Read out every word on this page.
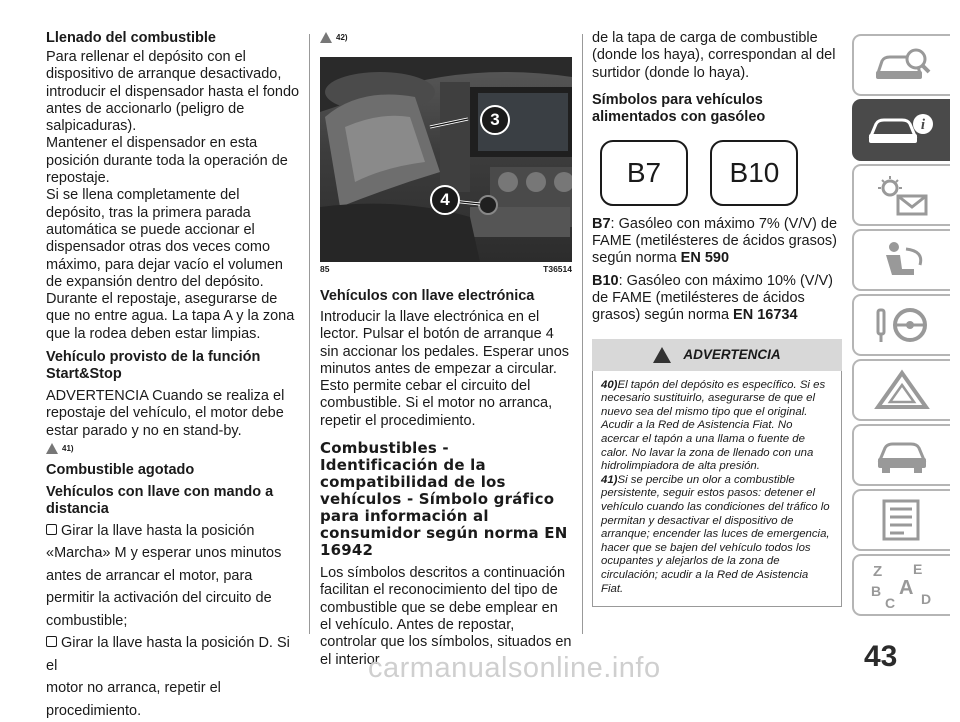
Llenado del combustible

Para rellenar el depósito con el dispositivo de arranque desactivado, introducir el dispensador hasta el fondo antes de accionarlo (peligro de salpicaduras).

Mantener el dispensador en esta posición durante toda la operación de repostaje.

Si se llena completamente del depósito, tras la primera parada automática se puede accionar el dispensador otras dos veces como máximo, para dejar vacío el volumen de expansión dentro del depósito. Durante el repostaje, asegurarse de que no entre agua. La tapa A y la zona que la rodea deben estar limpias.

Vehículo provisto de la función Start&Stop

ADVERTENCIA Cuando se realiza el repostaje del vehículo, el motor debe estar parado y no en stand-by.

41)
Combustible agotado
Vehículos con llave con mando a distancia
Girar la llave hasta la posición
«Marcha» M y esperar unos minutos
antes de arrancar el motor, para
permitir la activación del circuito de
combustible;
Girar la llave hasta la posición D. Si el
motor no arranca, repetir el
procedimiento.
42)
3
4
85	T36514
Vehículos con llave electrónica

Introducir la llave electrónica en el lector. Pulsar el botón de arranque 4 sin accionar los pedales. Esperar unos minutos antes de empezar a circular. Esto permite cebar el circuito del combustible. Si el motor no arranca, repetir el procedimiento.

Combustibles - Identificación de la compatibilidad de los vehículos - Símbolo gráfico para información al consumidor según norma EN 16942

Los símbolos descritos a continuación facilitan el reconocimiento del tipo de combustible que se debe emplear en el vehículo. Antes de repostar, controlar que los símbolos, situados en el interior

de la tapa de carga de combustible (donde los haya), correspondan al del surtidor (donde lo haya).

Símbolos para vehículos alimentados con gasóleo
B7 B10

B7: Gasóleo con máximo 7% (V/V) de FAME (metilésteres de ácidos grasos) según norma EN 590

B10: Gasóleo con máximo 10% (V/V) de FAME (metilésteres de ácidos grasos) según norma EN 16734

ADVERTENCIA
40)El tapón del depósito es específico. Si es necesario sustituirlo, asegurarse de que el nuevo sea del mismo tipo que el original. Acudir a la Red de Asistencia Fiat. No acercar el tapón a una llama o fuente de calor. No lavar la zona de llenado con una hidrolimpiadora de alta presión.
41)Si se percibe un olor a combustible persistente, seguir estos pasos: detener el vehículo cuando las condiciones del tráfico lo permitan y desactivar el dispositivo de arranque; encender las luces de emergencia, hacer que se bajen del vehículo todos los ocupantes y alejarlos de la zona de circulación; acudir a la Red de Asistencia Fiat.
i
Z E
B A
C D
43
carmanualsonline.info
